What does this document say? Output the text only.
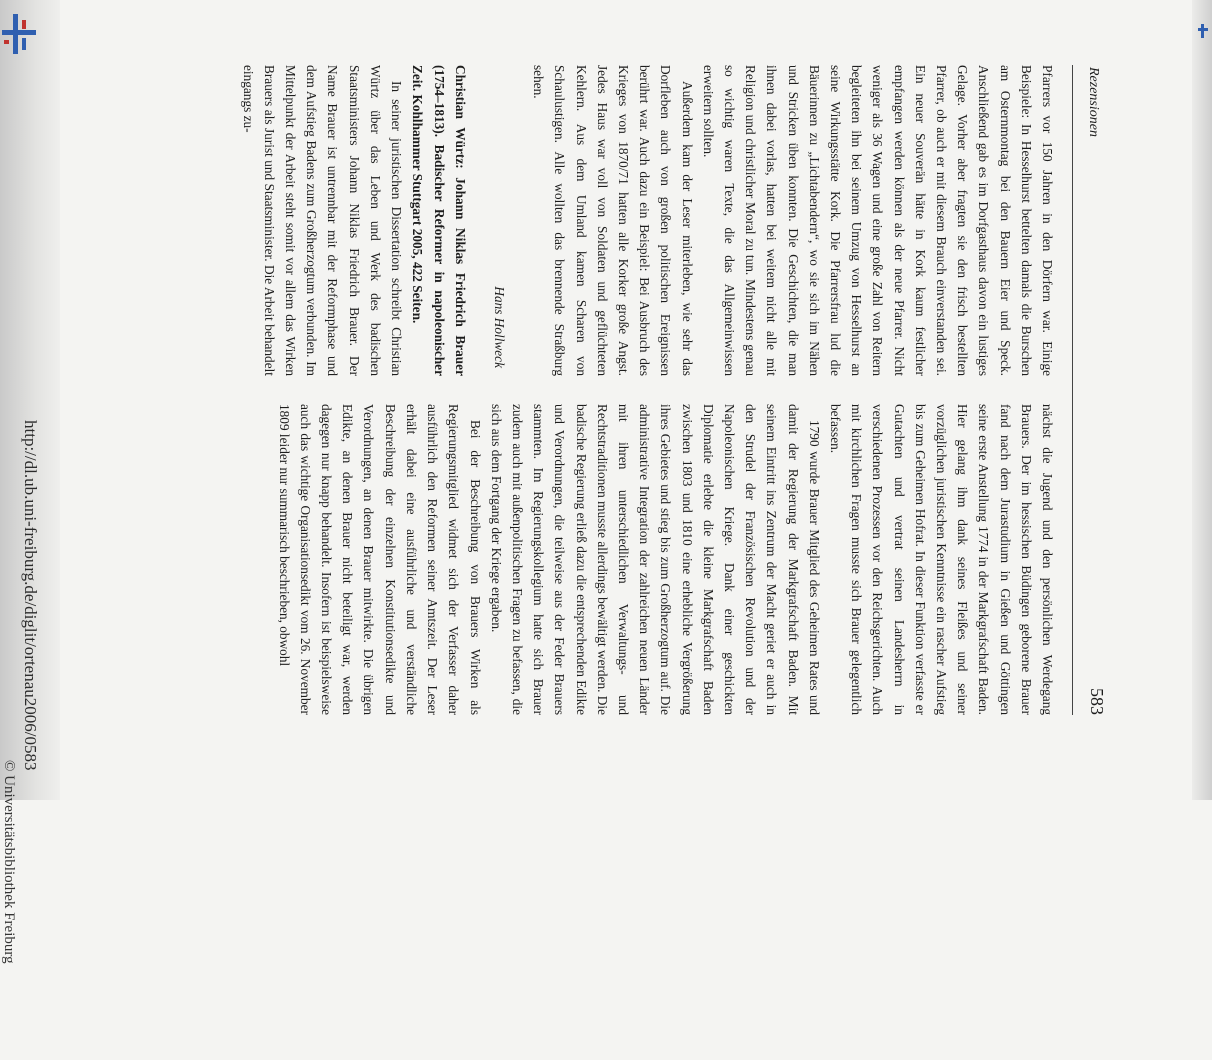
http://dl.ub.uni-freiburg.de/diglit/ortenau2006/0583
© Universitätsbibliothek Freiburg
Rezensionen
583

Pfarrers vor 150 Jahren in den Dörfern war. Einige Beispiele: In Hesselhurst bettelten damals die Burschen am Osternmontag bei den Bauern Eier und Speck. Anschließend gab es im Dorfgasthaus davon ein lustiges Gelage. Vorher aber fragten sie den frisch bestellten Pfarrer, ob auch er mit diesem Brauch einverstanden sei. Ein neuer Souverän hätte in Kork kaum festlicher empfangen werden können als der neue Pfarrer. Nicht weniger als 36 Wagen und eine große Zahl von Reitern begleiteten ihn bei seinem Umzug von Hesselhurst an seine Wirkungsstätte Kork. Die Pfarrersfrau lud die Bäuerinnen zu „Lichtabendern“, wo sie sich im Nähen und Stricken üben konnten. Die Geschichten, die man ihnen dabei vorlas, hatten bei weitem nicht alle mit Religion und christlicher Moral zu tun. Mindestens genau so wichtig waren Texte, die das Allgemeinwissen erweitern sollten.

Außerdem kam der Leser miterleben, wie sehr das Dorfleben auch von großen politischen Ereignissen berührt war. Auch dazu ein Beispiel: Bei Ausbruch des Krieges von 1870/71 hatten alle Korker große Angst. Jedes Haus war voll von Soldaten und geflüchteten Kehlern. Aus dem Umland kamen Scharen von Schaulustigen. Alle wollten das brennende Straßburg sehen.

Hans Hollweck

Christian Würtz: Johann Niklas Friedrich Brauer (1754–1813). Badischer Reformer in napoleonischer Zeit. Kohlhammer Stuttgart 2005, 422 Seiten.

In seiner juristischen Dissertation schreibt Christian Würtz über das Leben und Werk des badischen Staatsministers Johann Niklas Friedrich Brauer. Der Name Brauer ist untrennbar mit der Reformphase und dem Aufstieg Badens zum Großherzogtum verbunden. Im Mittelpunkt der Arbeit steht somit vor allem das Wirken Brauers als Jurist und Staatsminister. Die Arbeit behandelt eingangs zu-

nächst die Jugend und den persönlichen Werdegang Brauers. Der im hessischen Büdingen geborene Brauer fand nach dem Jurastudium in Gießen und Göttingen seine erste Anstellung 1774 in der Markgrafschaft Baden. Hier gelang ihm dank seines Fleißes und seiner vorzüglichen juristischen Kenntnisse ein rascher Aufstieg bis zum Geheimen Hofrat. In dieser Funktion verfasste er Gutachten und vertrat seinen Landesherrn in verschiedenen Prozessen vor den Reichsgerichten. Auch mit kirchlichen Fragen musste sich Brauer gelegentlich befassen.

1790 wurde Brauer Mitglied des Geheimen Rates und damit der Regierung der Markgrafschaft Baden. Mit seinem Eintritt ins Zentrum der Macht geriet er auch in den Strudel der Französischen Revolution und der Napoleonischen Kriege. Dank einer geschickten Diplomatie erlebte die kleine Markgrafschaft Baden zwischen 1803 und 1810 eine erhebliche Vergrößerung ihres Gebietes und stieg bis zum Großherzogtum auf. Die administrative Integration der zahlreichen neuen Länder mit ihren unterschiedlichen Verwaltungs- und Rechtstraditionen musste allerdings bewältigt werden. Die badische Regierung erließ dazu die entsprechenden Edikte und Verordnungen, die teilweise aus der Feder Brauers stammten. Im Regierungskollegium hatte sich Brauer zudem auch mit außenpolitischen Fragen zu befassen, die sich aus dem Fortgang der Kriege ergaben.

Bei der Beschreibung von Brauers Wirken als Regierungsmitglied widmet sich der Verfasser daher ausführlich den Reformen seiner Amtszeit. Der Leser erhält dabei eine ausführliche und verständliche Beschreibung der einzelnen Konstitutionsedikte und Verordnungen, an denen Brauer mitwirkte. Die übrigen Edikte, an denen Brauer nicht beteiligt war, werden dagegen nur knapp behandelt. Insofern ist beispielsweise auch das wichtige Organisationsedikt vom 26. November 1809 leider nur summarisch beschrieben, obwohl
